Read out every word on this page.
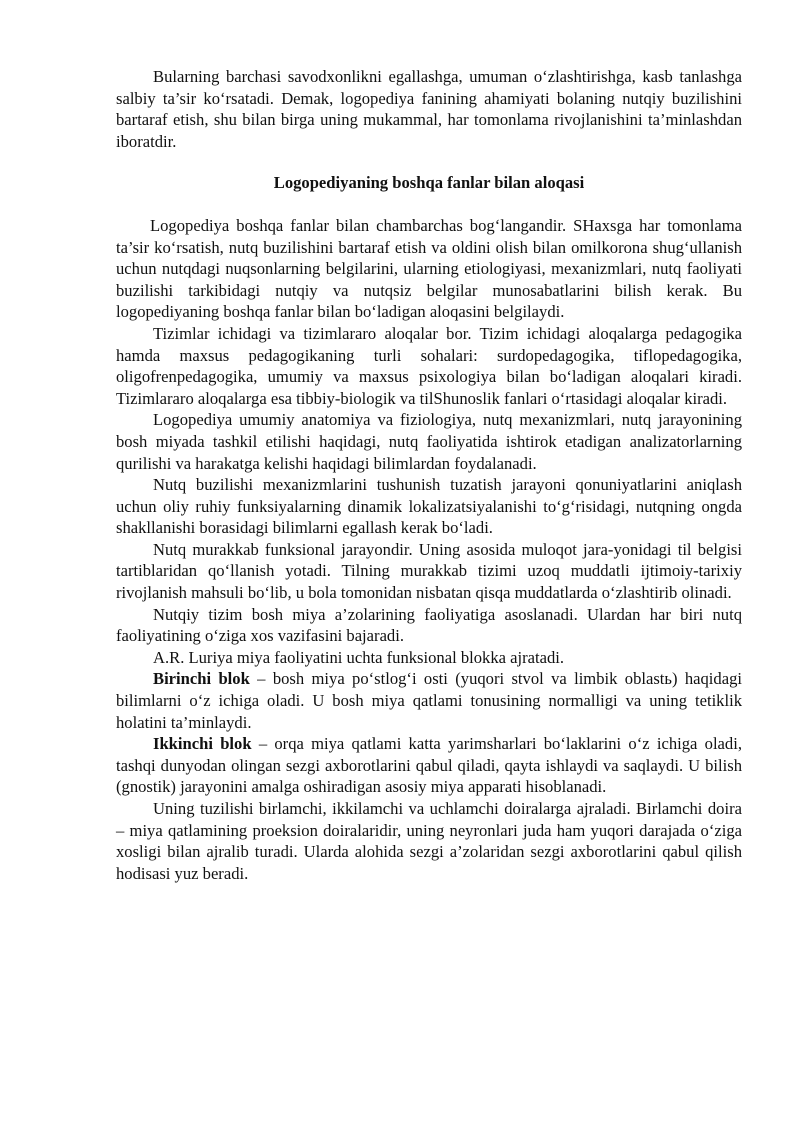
Bularning barchasi savodxonlikni egallashga, umuman o‘zlashtirishga, kasb tanlashga salbiy ta’sir ko‘rsatadi. Demak, logopediya fanining ahamiyati bolaning nutqiy buzilishini bartaraf etish, shu bilan birga uning mukammal, har tomonlama rivojlanishini ta’minlashdan iboratdir.

Logopediyaning boshqa fanlar bilan aloqasi

Logopediya boshqa fanlar bilan chambarchas bog‘langandir. SHaxsga har tomonlama ta’sir ko‘rsatish, nutq buzilishini bartaraf etish va oldini olish bilan omilkorona shug‘ullanish uchun nutqdagi nuqsonlarning belgilarini, ularning etiologiyasi, mexanizmlari, nutq faoliyati buzilishi tarkibidagi nutqiy va nutqsiz belgilar munosabatlarini bilish kerak. Bu logopediyaning boshqa fanlar bilan bo‘ladigan aloqasini belgilaydi.

Tizimlar ichidagi va tizimlararo aloqalar bor. Tizim ichidagi aloqalarga pedagogika hamda maxsus pedagogikaning turli sohalari: surdopedagogika, tiflopedagogika, oligofrenpedagogika, umumiy va maxsus psixologiya bilan bo‘ladigan aloqalari kiradi. Tizimlararo aloqalarga esa tibbiy-biologik va tilShunoslik fanlari o‘rtasidagi aloqalar kiradi.

Logopediya umumiy anatomiya va fiziologiya, nutq mexanizmlari, nutq jarayonining bosh miyada tashkil etilishi haqidagi, nutq faoliyatida ishtirok etadigan analizatorlarning qurilishi va harakatga kelishi haqidagi bilimlardan foydalanadi.

Nutq buzilishi mexanizmlarini tushunish tuzatish jarayoni qonuniyatlarini aniqlash uchun oliy ruhiy funksiyalarning dinamik lokalizatsiyalanishi to‘g‘risidagi, nutqning ongda shakllanishi borasidagi bilimlarni egallash kerak bo‘ladi.

Nutq murakkab funksional jarayondir. Uning asosida muloqot jara-yonidagi til belgisi tartiblaridan qo‘llanish yotadi. Tilning murakkab tizimi uzoq muddatli ijtimoiy-tarixiy rivojlanish mahsuli bo‘lib, u bola tomonidan nisbatan qisqa muddatlarda o‘zlashtirib olinadi.

Nutqiy tizim bosh miya a’zolarining faoliyatiga asoslanadi. Ulardan har biri nutq faoliyatining o‘ziga xos vazifasini bajaradi.

A.R. Luriya miya faoliyatini uchta funksional blokka ajratadi.

Birinchi blok – bosh miya po‘stlog‘i osti (yuqori stvol va limbik oblastь) haqidagi bilimlarni o‘z ichiga oladi. U bosh miya qatlami tonusining normalligi va uning tetiklik holatini ta’minlaydi.

Ikkinchi blok – orqa miya qatlami katta yarimsharlari bo‘laklarini o‘z ichiga oladi, tashqi dunyodan olingan sezgi axborotlarini qabul qiladi, qayta ishlaydi va saqlaydi. U bilish (gnostik) jarayonini amalga oshiradigan asosiy miya apparati hisoblanadi.

Uning tuzilishi birlamchi, ikkilamchi va uchlamchi doiralarga ajraladi. Birlamchi doira – miya qatlamining proeksion doiralaridir, uning neyronlari juda ham yuqori darajada o‘ziga xosligi bilan ajralib turadi. Ularda alohida sezgi a’zolaridan sezgi axborotlarini qabul qilish hodisasi yuz beradi.
